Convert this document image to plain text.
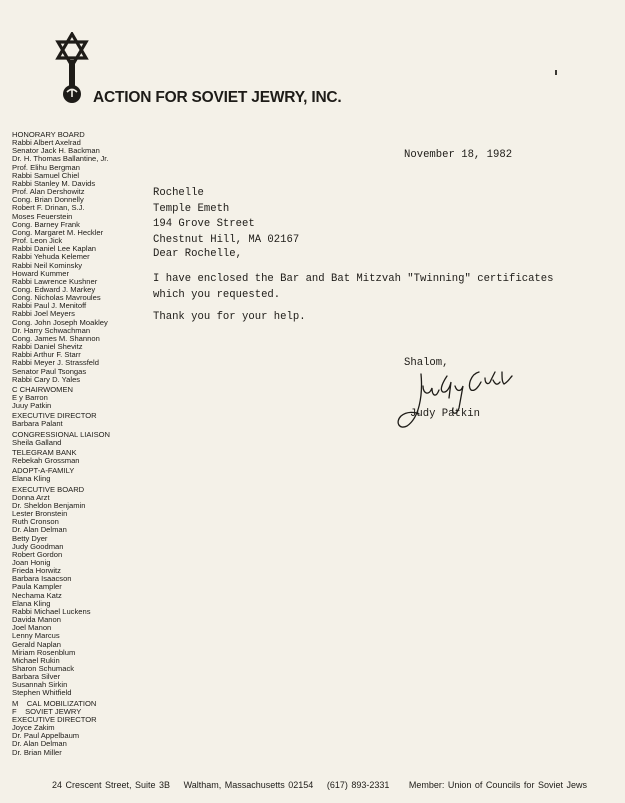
ACTION FOR SOVIET JEWRY, INC.
HONORARY BOARD
Rabbi Albert Axelrad
Senator Jack H. Backman
Dr. H. Thomas Ballantine, Jr.
Prof. Elihu Bergman
Rabbi Samuel Chiel
Rabbi Stanley M. Davids
Prof. Alan Dershowitz
Cong. Brian Donnelly
Robert F. Drinan, S.J.
Moses Feuerstein
Cong. Barney Frank
Cong. Margaret M. Heckler
Prof. Leon Jick
Rabbi Daniel Lee Kaplan
Rabbi Yehuda Kelemer
Rabbi Neil Kominsky
Howard Kummer
Rabbi Lawrence Kushner
Cong. Edward J. Markey
Cong. Nicholas Mavroules
Rabbi Paul J. Menitoff
Rabbi Joel Meyers
Cong. John Joseph Moakley
Dr. Harry Schwachman
Cong. James M. Shannon
Rabbi Daniel Shevitz
Rabbi Arthur F. Starr
Rabbi Meyer J. Strassfeld
Senator Paul Tsongas
Rabbi Cary D. Yales
C CHAIRWOMEN
E y Barron
Juuy Patkin
EXECUTIVE DIRECTOR
Barbara Palant
CONGRESSIONAL LIAISON
Sheila Galland
TELEGRAM BANK
Rebekah Grossman
ADOPT-A-FAMILY
Elana Kling
EXECUTIVE BOARD
Donna Arzt
Dr. Sheldon Benjamin
Lester Bronstein
Ruth Cronson
Dr. Alan Delman
Betty Dyer
Judy Goodman
Robert Gordon
Joan Honig
Frieda Horwitz
Barbara Isaacson
Paula Kampler
Nechama Katz
Elana Kling
Rabbi Michael Luckens
Davida Manon
Joel Manon
Lenny Marcus
Gerald Naplan
Miriam Rosenblum
Michael Rukin
Sharon Schumack
Barbara Silver
Susannah Sirkin
Stephen Whitfield
M    CAL MOBILIZATION
F    SOVIET JEWRY
EXECUTIVE DIRECTOR
Joyce Zakim
Dr. Paul Appelbaum
Dr. Alan Delman
Dr. Brian Miller
November 18, 1982
Rochelle
Temple Emeth
194 Grove Street
Chestnut Hill, MA 02167
Dear Rochelle,
I have enclosed the Bar and Bat Mitzvah "Twinning" certificates
which you requested.
Thank you for your help.
Shalom,
Judy Patkin
24 Crescent Street, Suite 3B Waltham, Massachusetts 02154 (617) 893-2331 Member: Union of Councils for Soviet Jews
